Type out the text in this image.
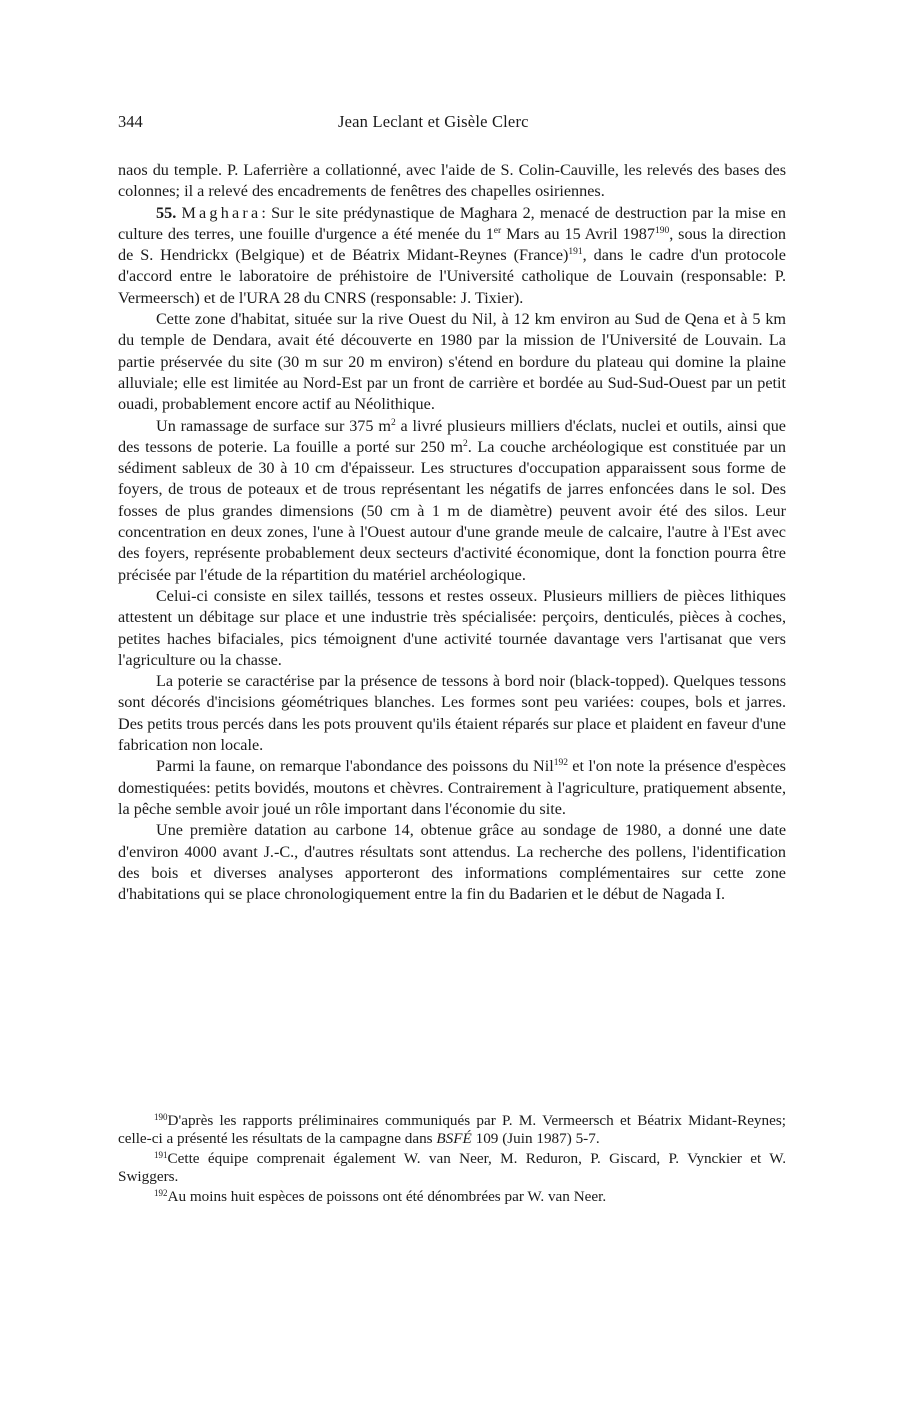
344	Jean Leclant et Gisèle Clerc

naos du temple. P. Laferrière a collationné, avec l'aide de S. Colin-Cauville, les relevés des bases des colonnes; il a relevé des encadrements de fenêtres des chapelles osiriennes.

55. Maghara: Sur le site prédynastique de Maghara 2, menacé de destruction par la mise en culture des terres, une fouille d'urgence a été menée du 1er Mars au 15 Avril 1987$^{190}$, sous la direction de S. Hendrickx (Belgique) et de Béatrix Midant-Reynes (France)$^{191}$, dans le cadre d'un protocole d'accord entre le laboratoire de préhistoire de l'Université catholique de Louvain (responsable: P. Vermeersch) et de l'URA 28 du CNRS (responsable: J. Tixier).

Cette zone d'habitat, située sur la rive Ouest du Nil, à 12 km environ au Sud de Qena et à 5 km du temple de Dendara, avait été découverte en 1980 par la mission de l'Université de Louvain. La partie préservée du site (30 m sur 20 m environ) s'étend en bordure du plateau qui domine la plaine alluviale; elle est limitée au Nord-Est par un front de carrière et bordée au Sud-Sud-Ouest par un petit ouadi, probablement encore actif au Néolithique.

Un ramassage de surface sur 375 $m^2$ a livré plusieurs milliers d'éclats, nuclei et outils, ainsi que des tessons de poterie. La fouille a porté sur 250 $m^2$. La couche archéologique est constituée par un sédiment sableux de 30 à 10 cm d'épaisseur. Les structures d'occupation apparaissent sous forme de foyers, de trous de poteaux et de trous représentant les négatifs de jarres enfoncées dans le sol. Des fosses de plus grandes dimensions (50 cm à 1 m de diamètre) peuvent avoir été des silos. Leur concentration en deux zones, l'une à l'Ouest autour d'une grande meule de calcaire, l'autre à l'Est avec des foyers, représente probablement deux secteurs d'activité économique, dont la fonction pourra être précisée par l'étude de la répartition du matériel archéologique.

Celui-ci consiste en silex taillés, tessons et restes osseux. Plusieurs milliers de pièces lithiques attestent un débitage sur place et une industrie très spécialisée: perçoirs, denticulés, pièces à coches, petites haches bifaciales, pics témoignent d'une activité tournée davantage vers l'artisanat que vers l'agriculture ou la chasse.

La poterie se caractérise par la présence de tessons à bord noir (black-topped). Quelques tessons sont décorés d'incisions géométriques blanches. Les formes sont peu variées: coupes, bols et jarres. Des petits trous percés dans les pots prouvent qu'ils étaient réparés sur place et plaident en faveur d'une fabrication non locale.

Parmi la faune, on remarque l'abondance des poissons du Nil$^{192}$ et l'on note la présence d'espèces domestiquées: petits bovidés, moutons et chèvres. Contrairement à l'agriculture, pratiquement absente, la pêche semble avoir joué un rôle important dans l'économie du site.

Une première datation au carbone 14, obtenue grâce au sondage de 1980, a donné une date d'environ 4000 avant J.-C., d'autres résultats sont attendus. La recherche des pollens, l'identification des bois et diverses analyses apporteront des informations complémentaires sur cette zone d'habitations qui se place chronologiquement entre la fin du Badarien et le début de Nagada I.

$^{190}$D'après les rapports préliminaires communiqués par P. M. Vermeersch et Béatrix Midant-Reynes; celle-ci a présenté les résultats de la campagne dans BSFÉ 109 (Juin 1987) 5-7.

$^{191}$Cette équipe comprenait également W. van Neer, M. Reduron, P. Giscard, P. Vynckier et W. Swiggers.

$^{192}$Au moins huit espèces de poissons ont été dénombrées par W. van Neer.
